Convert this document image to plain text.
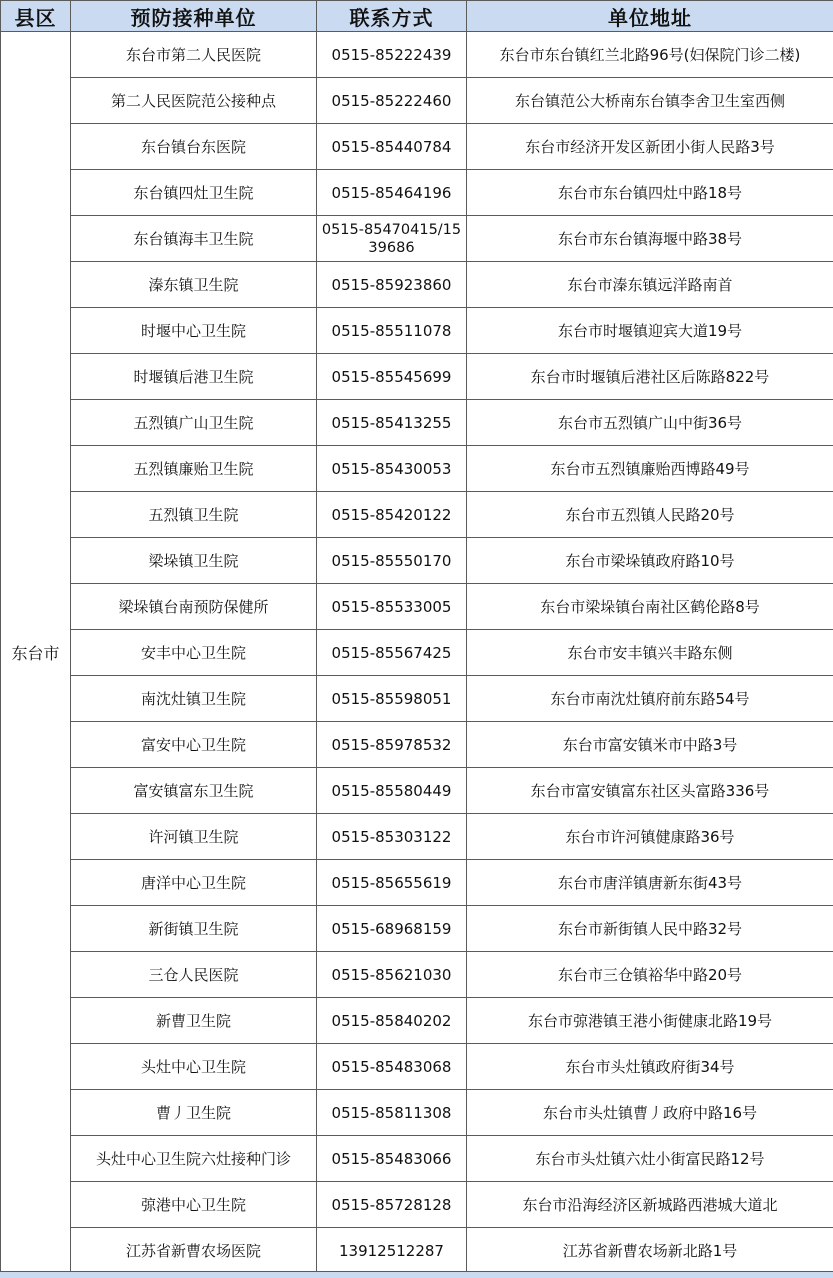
县区	预防接种单位	联系方式	单位地址
东台市	东台市第二人民医院	0515-85222439	东台市东台镇红兰北路96号(妇保院门诊二楼)
	第二人民医院范公接种点	0515-85222460	东台镇范公大桥南东台镇李舍卫生室西侧
	东台镇台东医院	0515-85440784	东台市经济开发区新团小街人民路3号
	东台镇四灶卫生院	0515-85464196	东台市东台镇四灶中路18号
	东台镇海丰卫生院	0515-85470415/1539686	东台市东台镇海堰中路38号
	溱东镇卫生院	0515-85923860	东台市溱东镇远洋路南首
	时堰中心卫生院	0515-85511078	东台市时堰镇迎宾大道19号
	时堰镇后港卫生院	0515-85545699	东台市时堰镇后港社区后陈路822号
	五烈镇广山卫生院	0515-85413255	东台市五烈镇广山中街36号
	五烈镇廉贻卫生院	0515-85430053	东台市五烈镇廉贻西博路49号
	五烈镇卫生院	0515-85420122	东台市五烈镇人民路20号
	梁垛镇卫生院	0515-85550170	东台市梁垛镇政府路10号
	梁垛镇台南预防保健所	0515-85533005	东台市梁垛镇台南社区鹤伦路8号
	安丰中心卫生院	0515-85567425	东台市安丰镇兴丰路东侧
	南沈灶镇卫生院	0515-85598051	东台市南沈灶镇府前东路54号
	富安中心卫生院	0515-85978532	东台市富安镇米市中路3号
	富安镇富东卫生院	0515-85580449	东台市富安镇富东社区头富路336号
	许河镇卫生院	0515-85303122	东台市许河镇健康路36号
	唐洋中心卫生院	0515-85655619	东台市唐洋镇唐新东街43号
	新街镇卫生院	0515-68968159	东台市新街镇人民中路32号
	三仓人民医院	0515-85621030	东台市三仓镇裕华中路20号
	新曹卫生院	0515-85840202	东台市弶港镇王港小街健康北路19号
	头灶中心卫生院	0515-85483068	东台市头灶镇政府街34号
	曹丿卫生院	0515-85811308	东台市头灶镇曹丿政府中路16号
	头灶中心卫生院六灶接种门诊	0515-85483066	东台市头灶镇六灶小街富民路12号
	弶港中心卫生院	0515-85728128	东台市沿海经济区新城路西港城大道北
	江苏省新曹农场医院	13912512287	江苏省新曹农场新北路1号
